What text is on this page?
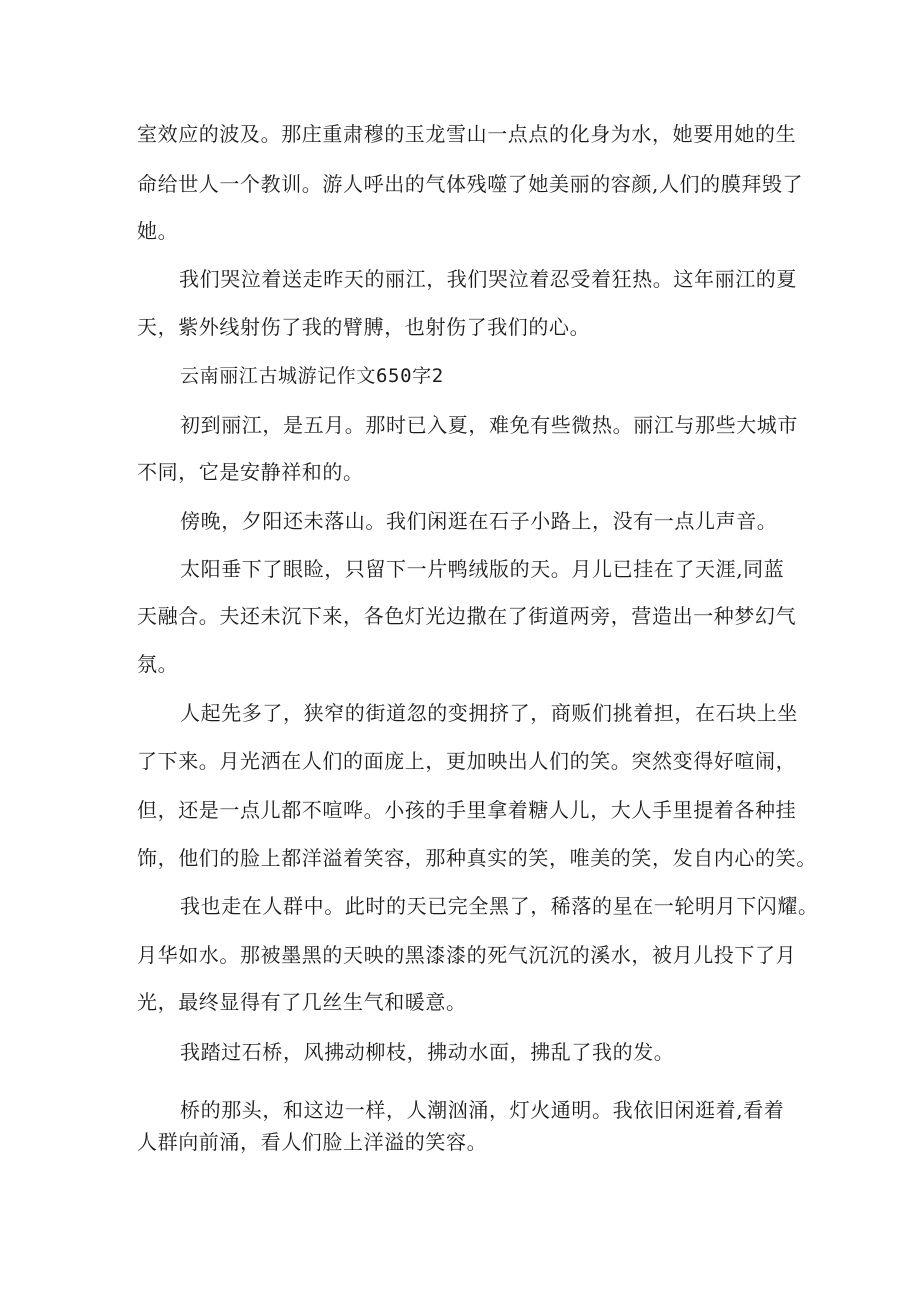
室效应的波及。那庄重肃穆的玉龙雪山一点点的化身为水，她要用她的生
命给世人一个教训。游人呼出的气体残噬了她美丽的容颜,人们的膜拜毁了
她。
我们哭泣着送走昨天的丽江，我们哭泣着忍受着狂热。这年丽江的夏
天，紫外线射伤了我的臂膊，也射伤了我们的心。
云南丽江古城游记作文650字2
初到丽江，是五月。那时已入夏，难免有些微热。丽江与那些大城市
不同，它是安静祥和的。
傍晚，夕阳还未落山。我们闲逛在石子小路上，没有一点儿声音。
太阳垂下了眼睑，只留下一片鸭绒版的天。月儿已挂在了天涯,同蓝
天融合。夫还未沉下来，各色灯光边撒在了街道两旁，营造出一种梦幻气
氛。
人起先多了，狭窄的街道忽的变拥挤了，商贩们挑着担，在石块上坐
了下来。月光洒在人们的面庞上，更加映出人们的笑。突然变得好喧闹，
但，还是一点儿都不喧哗。小孩的手里拿着糖人儿，大人手里提着各种挂
饰，他们的脸上都洋溢着笑容，那种真实的笑，唯美的笑，发自内心的笑。
我也走在人群中。此时的天已完全黑了，稀落的星在一轮明月下闪耀。
月华如水。那被墨黑的天映的黑漆漆的死气沉沉的溪水，被月儿投下了月
光，最终显得有了几丝生气和暖意。
我踏过石桥，风拂动柳枝，拂动水面，拂乱了我的发。
桥的那头，和这边一样，人潮汹涌，灯火通明。我依旧闲逛着,看着
人群向前涌，看人们脸上洋溢的笑容。
